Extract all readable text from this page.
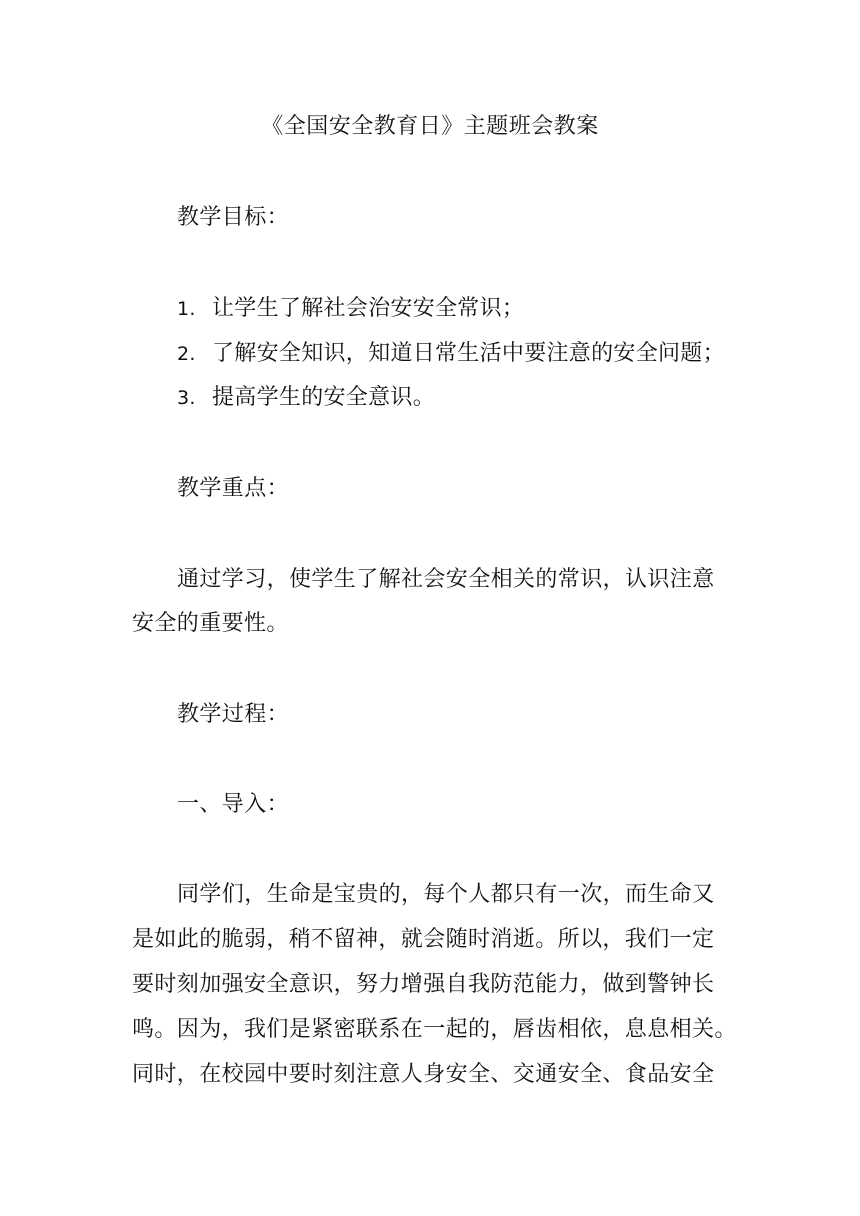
《全国安全教育日》主题班会教案
教学目标：
1. 让学生了解社会治安安全常识；
2. 了解安全知识，知道日常生活中要注意的安全问题；
3. 提高学生的安全意识。
教学重点：
通过学习，使学生了解社会安全相关的常识，认识注意
安全的重要性。
教学过程：
一、导入：
同学们，生命是宝贵的，每个人都只有一次，而生命又
是如此的脆弱，稍不留神，就会随时消逝。所以，我们一定
要时刻加强安全意识，努力增强自我防范能力，做到警钟长
鸣。因为，我们是紧密联系在一起的，唇齿相依，息息相关。
同时，在校园中要时刻注意人身安全、交通安全、食品安全
